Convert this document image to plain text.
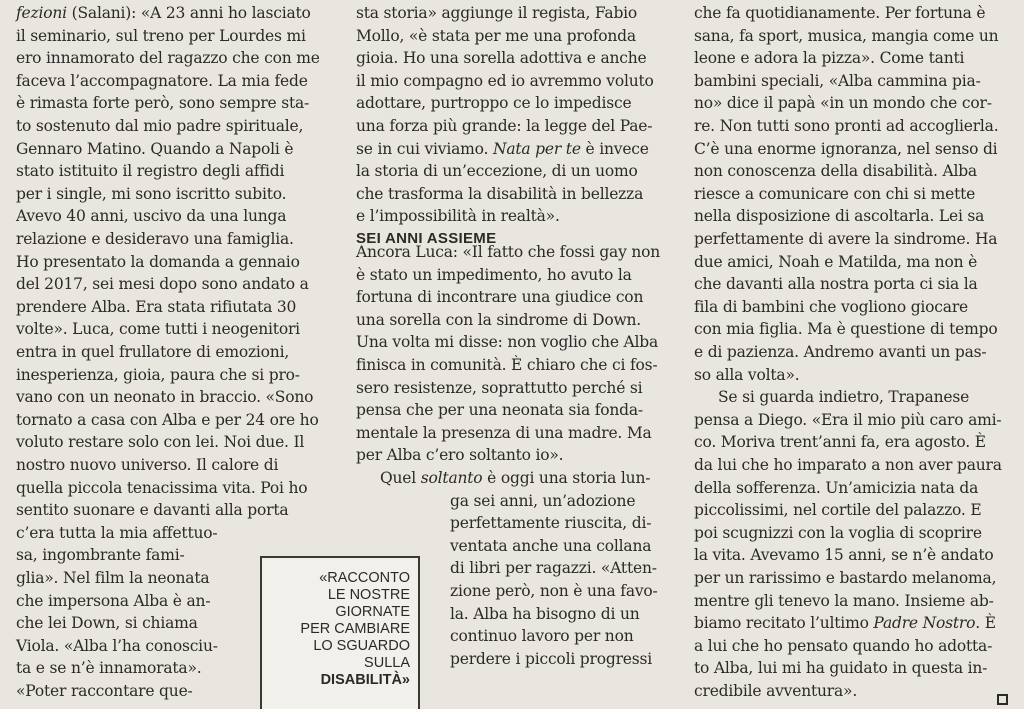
fezioni (Salani): «A 23 anni ho lasciato
il seminario, sul treno per Lourdes mi
ero innamorato del ragazzo che con me
faceva l’accompagnatore. La mia fede
è rimasta forte però, sono sempre sta-
to sostenuto dal mio padre spirituale,
Gennaro Matino. Quando a Napoli è
stato istituito il registro degli affidi
per i single, mi sono iscritto subito.
Avevo 40 anni, uscivo da una lunga
relazione e desideravo una famiglia.
Ho presentato la domanda a gennaio
del 2017, sei mesi dopo sono andato a
prendere Alba. Era stata rifiutata 30
volte». Luca, come tutti i neogenitori
entra in quel frullatore di emozioni,
inesperienza, gioia, paura che si pro-
vano con un neonato in braccio. «Sono
tornato a casa con Alba e per 24 ore ho
voluto restare solo con lei. Noi due. Il
nostro nuovo universo. Il calore di
quella piccola tenacissima vita. Poi ho
sentito suonare e davanti alla porta
c’era tutta la mia affettuo-
sa, ingombrante fami-
glia». Nel film la neonata
che impersona Alba è an-
che lei Down, si chiama
Viola. «Alba l’ha conosciu-
ta e se n’è innamorata».
«Poter raccontare que-
sta storia» aggiunge il regista, Fabio
Mollo, «è stata per me una profonda
gioia. Ho una sorella adottiva e anche
il mio compagno ed io avremmo voluto
adottare, purtroppo ce lo impedisce
una forza più grande: la legge del Pae-
se in cui viviamo. Nata per te è invece
la storia di un’eccezione, di un uomo
che trasforma la disabilità in bellezza
e l’impossibilità in realtà».
SEI ANNI ASSIEME
Ancora Luca: «Il fatto che fossi gay non
è stato un impedimento, ho avuto la
fortuna di incontrare una giudice con
una sorella con la sindrome di Down.
Una volta mi disse: non voglio che Alba
finisca in comunità. È chiaro che ci fos-
sero resistenze, soprattutto perché si
pensa che per una neonata sia fonda-
mentale la presenza di una madre. Ma
per Alba c’ero soltanto io».
Quel soltanto è oggi una storia lun-
ga sei anni, un’adozione
perfettamente riuscita, di-
ventata anche una collana
di libri per ragazzi. «Atten-
zione però, non è una favo-
la. Alba ha bisogno di un
continuo lavoro per non
perdere i piccoli progressi
«RACCONTO
LE NOSTRE
GIORNATE
PER CAMBIARE
LO SGUARDO
SULLA
DISABILITÀ»
che fa quotidianamente. Per fortuna è
sana, fa sport, musica, mangia come un
leone e adora la pizza». Come tanti
bambini speciali, «Alba cammina pia-
no» dice il papà «in un mondo che cor-
re. Non tutti sono pronti ad accoglierla.
C’è una enorme ignoranza, nel senso di
non conoscenza della disabilità. Alba
riesce a comunicare con chi si mette
nella disposizione di ascoltarla. Lei sa
perfettamente di avere la sindrome. Ha
due amici, Noah e Matilda, ma non è
che davanti alla nostra porta ci sia la
fila di bambini che vogliono giocare
con mia figlia. Ma è questione di tempo
e di pazienza. Andremo avanti un pas-
so alla volta».
Se si guarda indietro, Trapanese
pensa a Diego. «Era il mio più caro ami-
co. Moriva trent’anni fa, era agosto. È
da lui che ho imparato a non aver paura
della sofferenza. Un’amicizia nata da
piccolissimi, nel cortile del palazzo. E
poi scugnizzi con la voglia di scoprire
la vita. Avevamo 15 anni, se n’è andato
per un rarissimo e bastardo melanoma,
mentre gli tenevo la mano. Insieme ab-
biamo recitato l’ultimo Padre Nostro. È
a lui che ho pensato quando ho adotta-
to Alba, lui mi ha guidato in questa in-
credibile avventura».
